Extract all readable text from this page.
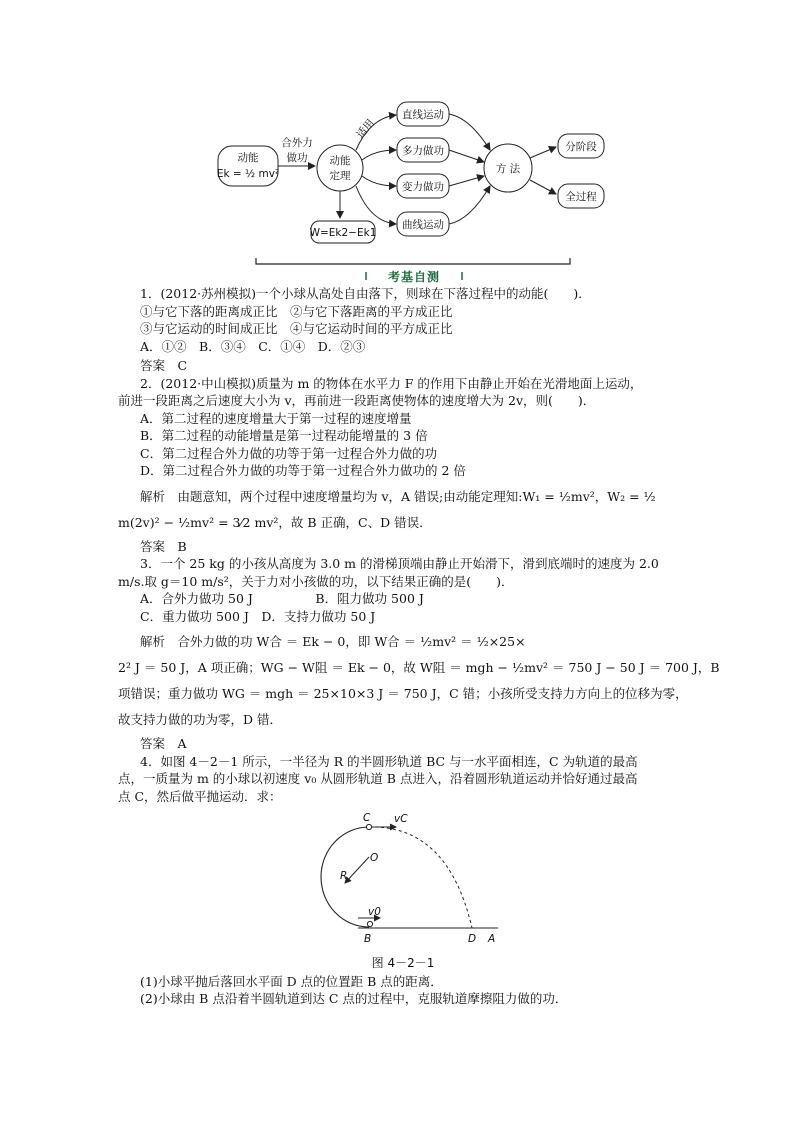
动能
Ek = ½ mv²
合外力
做功 动能
定理
适用
直线运动
多力做功
变力做功
曲线运动
方 法
分阶段
全过程
W=Ek2−Ek1
考基自测
1．(2012·苏州模拟)一个小球从高处自由落下，则球在下落过程中的动能(　　)．
①与它下落的距离成正比　②与它下落距离的平方成正比
③与它运动的时间成正比　④与它运动时间的平方成正比
A．①②　B．③④　C．①④　D．②③
答案　C
2．(2012·中山模拟)质量为 m 的物体在水平力 F 的作用下由静止开始在光滑地面上运动，
前进一段距离之后速度大小为 v，再前进一段距离使物体的速度增大为 2v，则(　　)．
A．第二过程的速度增量大于第一过程的速度增量
B．第二过程的动能增量是第一过程动能增量的 3 倍
C．第二过程合外力做的功等于第一过程合外力做的功
D．第二过程合外力做的功等于第一过程合外力做功的 2 倍
解析　由题意知，两个过程中速度增量均为 v，A 错误;由动能定理知:W₁ = ½mv²，W₂ = ½
m(2v)² − ½mv² = 3⁄2 mv²，故 B 正确，C、D 错误．
答案　B
3．一个 25 kg 的小孩从高度为 3.0 m 的滑梯顶端由静止开始滑下，滑到底端时的速度为 2.0
m/s.取 g＝10 m/s²，关于力对小孩做的功，以下结果正确的是(　　)．
A．合外力做功 50 J　　　　　B．阻力做功 500 J
C．重力做功 500 J　D．支持力做功 50 J
解析　合外力做的功 W合 ＝ Ek − 0，即 W合 ＝ ½mv² ＝ ½×25×
2² J ＝ 50 J，A 项正确；WG − W阻 ＝ Ek − 0，故 W阻 ＝ mgh − ½mv² ＝ 750 J − 50 J ＝ 700 J，B
项错误；重力做功 WG ＝ mgh ＝ 25×10×3 J ＝ 750 J，C 错；小孩所受支持力方向上的位移为零，
故支持力做的功为零，D 错．
答案　A
4．如图 4－2－1 所示，一半径为 R 的半圆形轨道 BC 与一水平面相连，C 为轨道的最高
点，一质量为 m 的小球以初速度 v₀ 从圆形轨道 B 点进入，沿着圆形轨道运动并恰好通过最高
点 C，然后做平抛运动．求：
C vC
O
R
v0
B	D A
图 4－2－1
(1)小球平抛后落回水平面 D 点的位置距 B 点的距离．
(2)小球由 B 点沿着半圆轨道到达 C 点的过程中，克服轨道摩擦阻力做的功．
